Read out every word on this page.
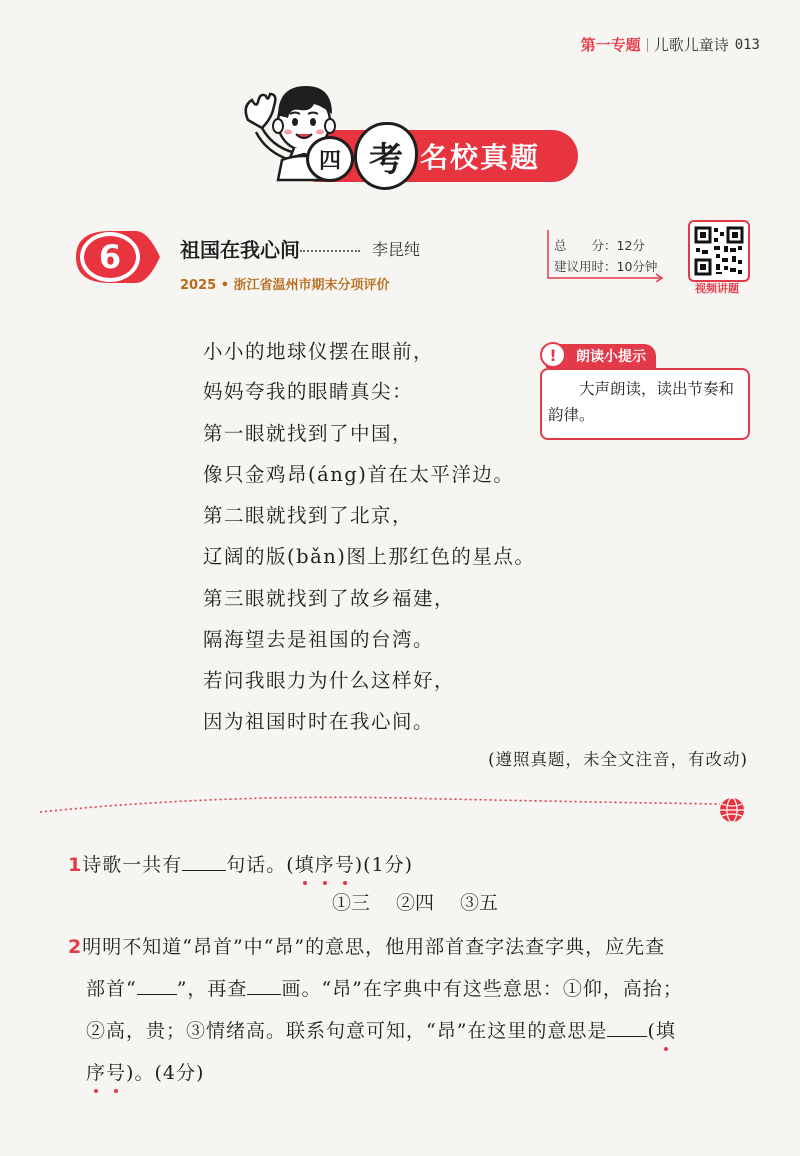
第一专题 儿歌儿童诗 013
四 考 名校真题
6	祖国在我心间	李昆纯
2025 • 浙江省温州市期末分项评价
总　　分：12分
建议用时：10分钟
视频讲题
小小的地球仪摆在眼前，
妈妈夸我的眼睛真尖：
第一眼就找到了中国，
像只金鸡昂(áng)首在太平洋边。
第二眼就找到了北京，
辽阔的版(bǎn)图上那红色的星点。
第三眼就找到了故乡福建，
隔海望去是祖国的台湾。
若问我眼力为什么这样好，
因为祖国时时在我心间。
(遵照真题，未全文注音，有改动)
朗读小提示
!
大声朗读，读出节奏和韵律。
1诗歌一共有 句话。(填序号)(1分)
①三 ②四 ③五
2明明不知道“昂首”中“昂”的意思，他用部首查字法查字典，应先查
部首“ ”，再查 画。“昂”在字典中有这些意思：①仰，高抬；
②高，贵；③情绪高。联系句意可知，“昂”在这里的意思是 (填
序号)。(4分)
